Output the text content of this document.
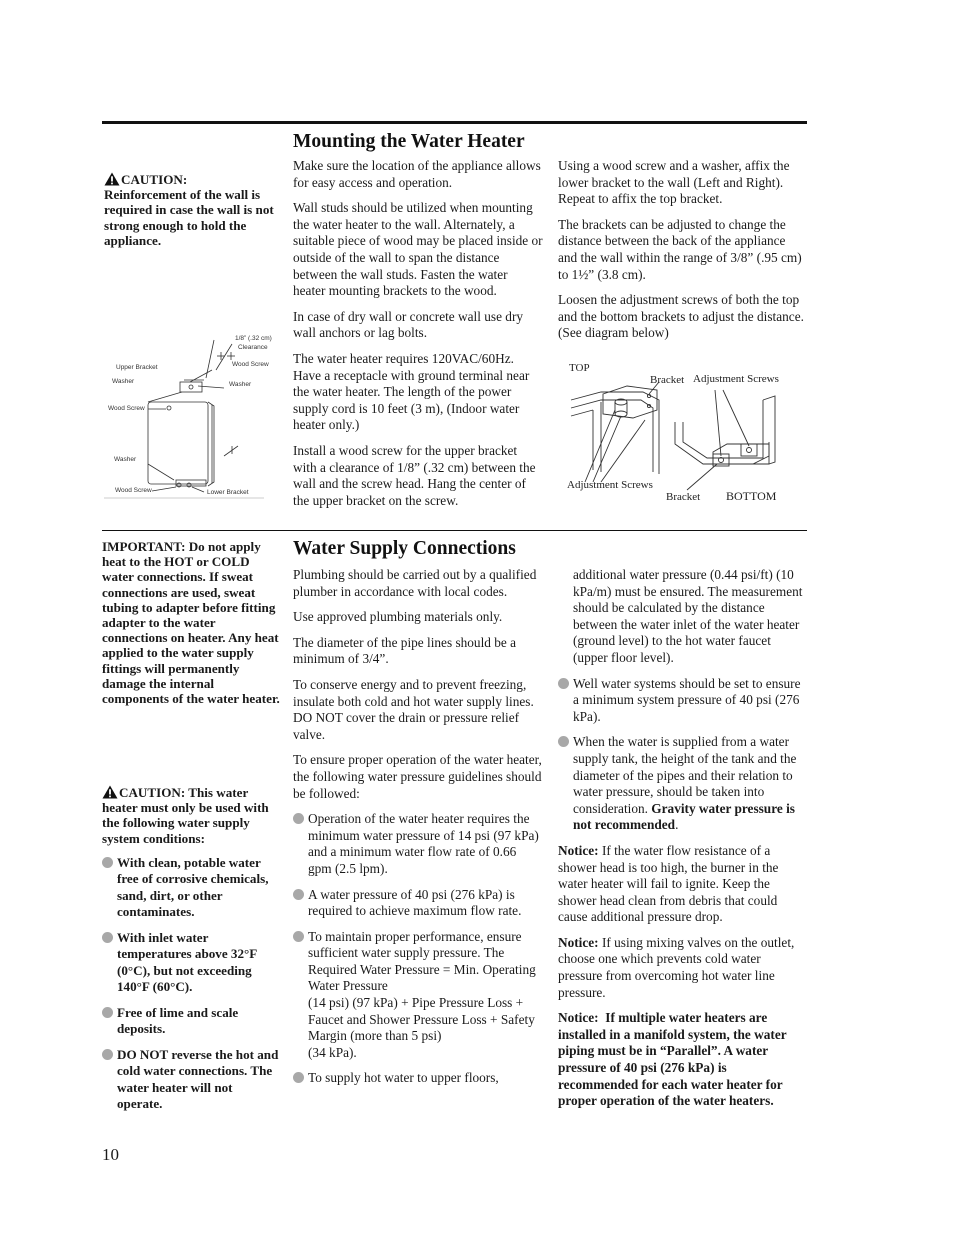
Mounting the Water Heater
CAUTION:
Reinforcement of the wall is required in case the wall is not strong enough to hold the appliance.

Make sure the location of the appliance allows for easy access and operation.

Wall studs should be utilized when mounting the water heater to the wall. Alternately, a suitable piece of wood may be placed inside or outside of the wall to span the distance between the wall studs. Fasten the water heater mounting brackets to the wood.

In case of dry wall or concrete wall use dry wall anchors or lag bolts.

The water heater requires 120VAC/60Hz. Have a receptacle with ground terminal near the water heater. The length of the power supply cord is 10 feet (3 m), (Indoor water heater only.)

Install a wood screw for the upper bracket with a clearance of 1/8” (.32 cm) between the wall and the screw head. Hang the center of the upper bracket on the screw.

Using a wood screw and a washer, affix the lower bracket to the wall (Left and Right). Repeat to affix the top bracket.

The brackets can be adjusted to change the distance between the back of the appliance and the wall within the range of 3/8” (.95 cm) to 1½” (3.8 cm).

Loosen the adjustment screws of both the top and the bottom brackets to adjust the distance. (See diagram below)

1/8” (.32 cm)
Clearance
Wood Screw
Upper Bracket
Washer	Washer
Wood Screw
Washer
Wood Screw	Lower Bracket
TOP
Bracket Adjustment Screws
Adjustment Screws
Bracket BOTTOM
Water Supply Connections

IMPORTANT: Do not apply heat to the HOT or COLD water connections. If sweat connections are used, sweat tubing to adapter before fitting adapter to the water connections on heater. Any heat applied to the water supply fittings will permanently damage the internal components of the water heater.

CAUTION: This water heater must only be used with the following water supply system conditions:

With clean, potable water free of corrosive chemicals, sand, dirt, or other contaminates.
With inlet water temperatures above 32°F (0°C), but not exceeding 140°F (60°C).
Free of lime and scale deposits.
DO NOT reverse the hot and cold water connections. The water heater will not operate.

Plumbing should be carried out by a qualified plumber in accordance with local codes.

Use approved plumbing materials only.

The diameter of the pipe lines should be a minimum of 3/4”.

To conserve energy and to prevent freezing, insulate both cold and hot water supply lines. DO NOT cover the drain or pressure relief valve.

To ensure proper operation of the water heater, the following water pressure guidelines should be followed:

Operation of the water heater requires the minimum water pressure of 14 psi (97 kPa) and a minimum water flow rate of 0.66 gpm (2.5 lpm).
A water pressure of 40 psi (276 kPa) is required to achieve maximum flow rate.
To maintain proper performance, ensure sufficient water supply pressure. The Required Water Pressure = Min. Operating Water Pressure
(14 psi) (97 kPa) + Pipe Pressure Loss + Faucet and Shower Pressure Loss + Safety Margin (more than 5 psi)
(34 kPa).
To supply hot water to upper floors,

additional water pressure (0.44 psi/ft) (10 kPa/m) must be ensured. The measurement should be calculated by the distance between the water inlet of the water heater (ground level) to the hot water faucet (upper floor level).

Well water systems should be set to ensure a minimum system pressure of 40 psi (276 kPa).
When the water is supplied from a water supply tank, the height of the tank and the diameter of the pipes and their relation to water pressure, should be taken into consideration. Gravity water pressure is not recommended.

Notice: If the water flow resistance of a shower head is too high, the burner in the water heater will fail to ignite. Keep the shower head clean from debris that could cause additional pressure drop.

Notice: If using mixing valves on the outlet, choose one which prevents cold water pressure from overcoming hot water line pressure.

Notice: If multiple water heaters are installed in a manifold system, the water piping must be in “Parallel”. A water pressure of 40 psi (276 kPa) is recommended for each water heater for proper operation of the water heaters.

10
